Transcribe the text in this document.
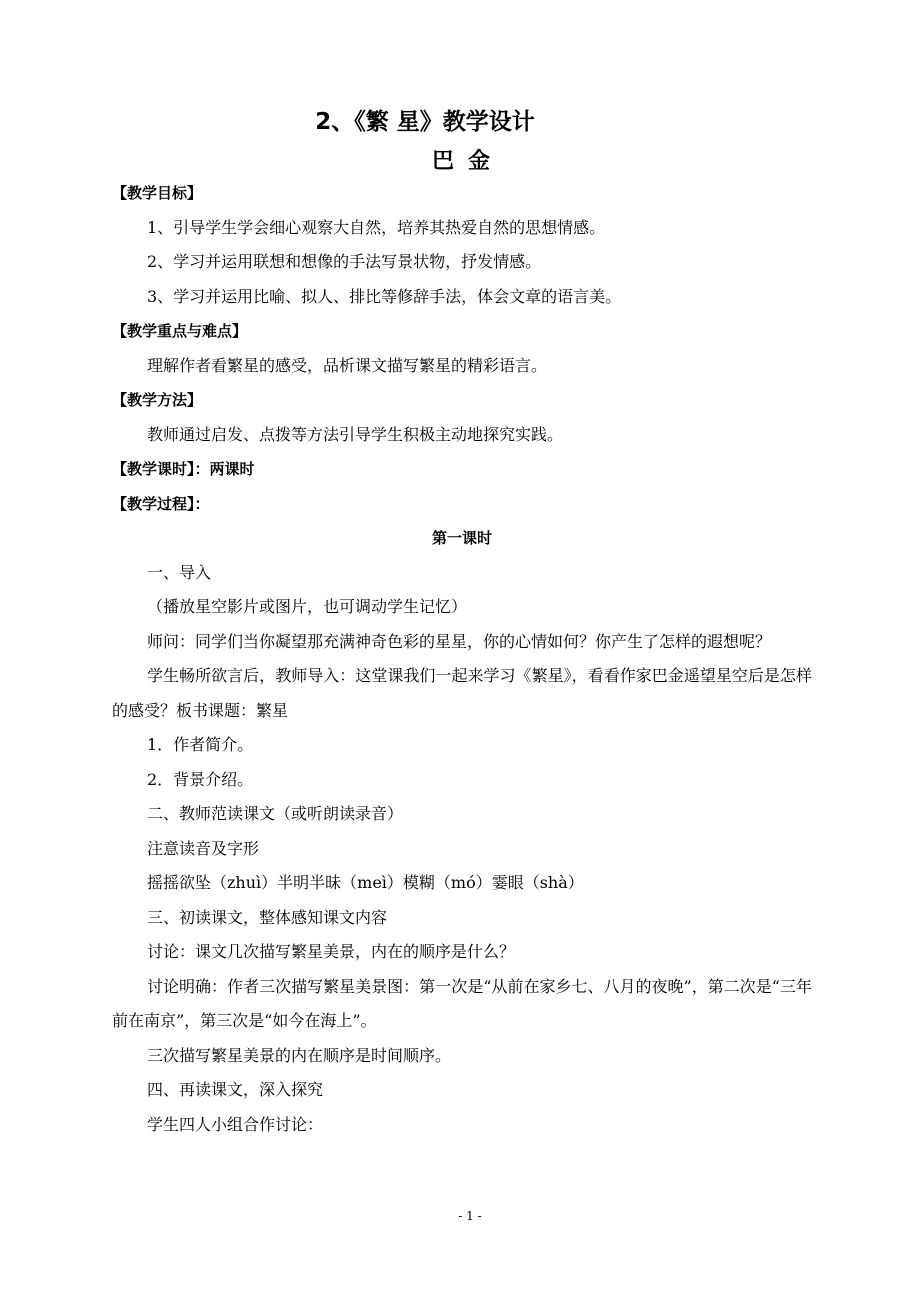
2、《繁 星》教学设计
巴金
【教学目标】
1、引导学生学会细心观察大自然，培养其热爱自然的思想情感。
2、学习并运用联想和想像的手法写景状物，抒发情感。
3、学习并运用比喻、拟人、排比等修辞手法，体会文章的语言美。
【教学重点与难点】
理解作者看繁星的感受，品析课文描写繁星的精彩语言。
【教学方法】
教师通过启发、点拨等方法引导学生积极主动地探究实践。
【教学课时】：两课时
【教学过程】：
第一课时
一、导入
（播放星空影片或图片，也可调动学生记忆）
师问：同学们当你凝望那充满神奇色彩的星星，你的心情如何？你产生了怎样的遐想呢？
学生畅所欲言后，教师导入：这堂课我们一起来学习《繁星》，看看作家巴金遥望星空后是怎样的感受？板书课题：繁星
1．作者简介。
2．背景介绍。
二、教师范读课文（或听朗读录音）
注意读音及字形
摇摇欲坠（zhuì）半明半昧（meì）模糊（mó）霎眼（shà）
三、初读课文，整体感知课文内容
讨论：课文几次描写繁星美景，内在的顺序是什么？
讨论明确：作者三次描写繁星美景图：第一次是“从前在家乡七、八月的夜晚”，第二次是“三年前在南京”，第三次是“如今在海上”。
三次描写繁星美景的内在顺序是时间顺序。
四、再读课文，深入探究
学生四人小组合作讨论：
- 1 -
